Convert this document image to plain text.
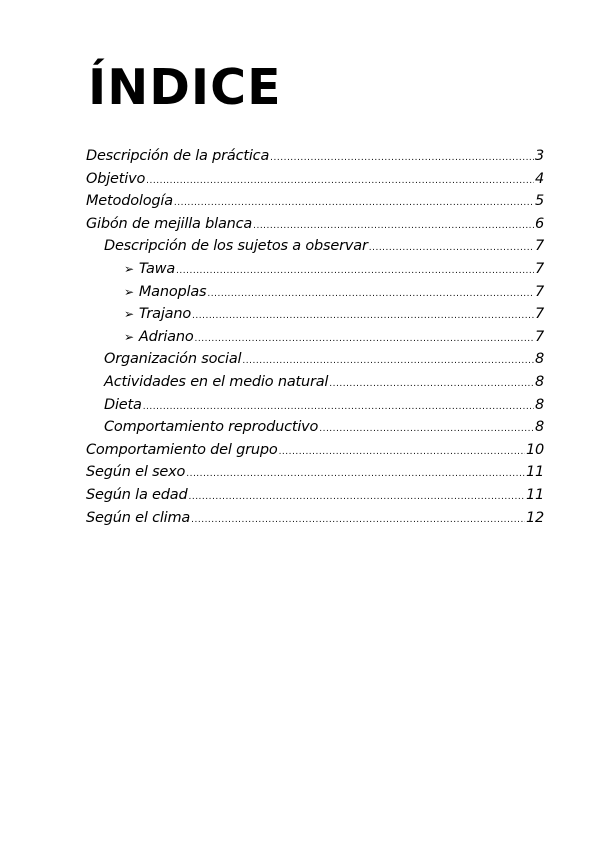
ÍNDICE
Descripción de la práctica .....	3
Objetivo .....	4
Metodología .....	5
Gibón de mejilla blanca .....	6
Descripción de los sujetos a observar .....	7
➢ Tawa .....	7
➢ Manoplas .....	7
➢ Trajano .....	7
➢ Adriano .....	7
Organización social .....	8
Actividades en el medio natural .....	8
Dieta .....	8
Comportamiento reproductivo .....	8
Comportamiento del grupo .....	10
Según el sexo .....	11
Según la edad .....	11
Según el clima .....	12
